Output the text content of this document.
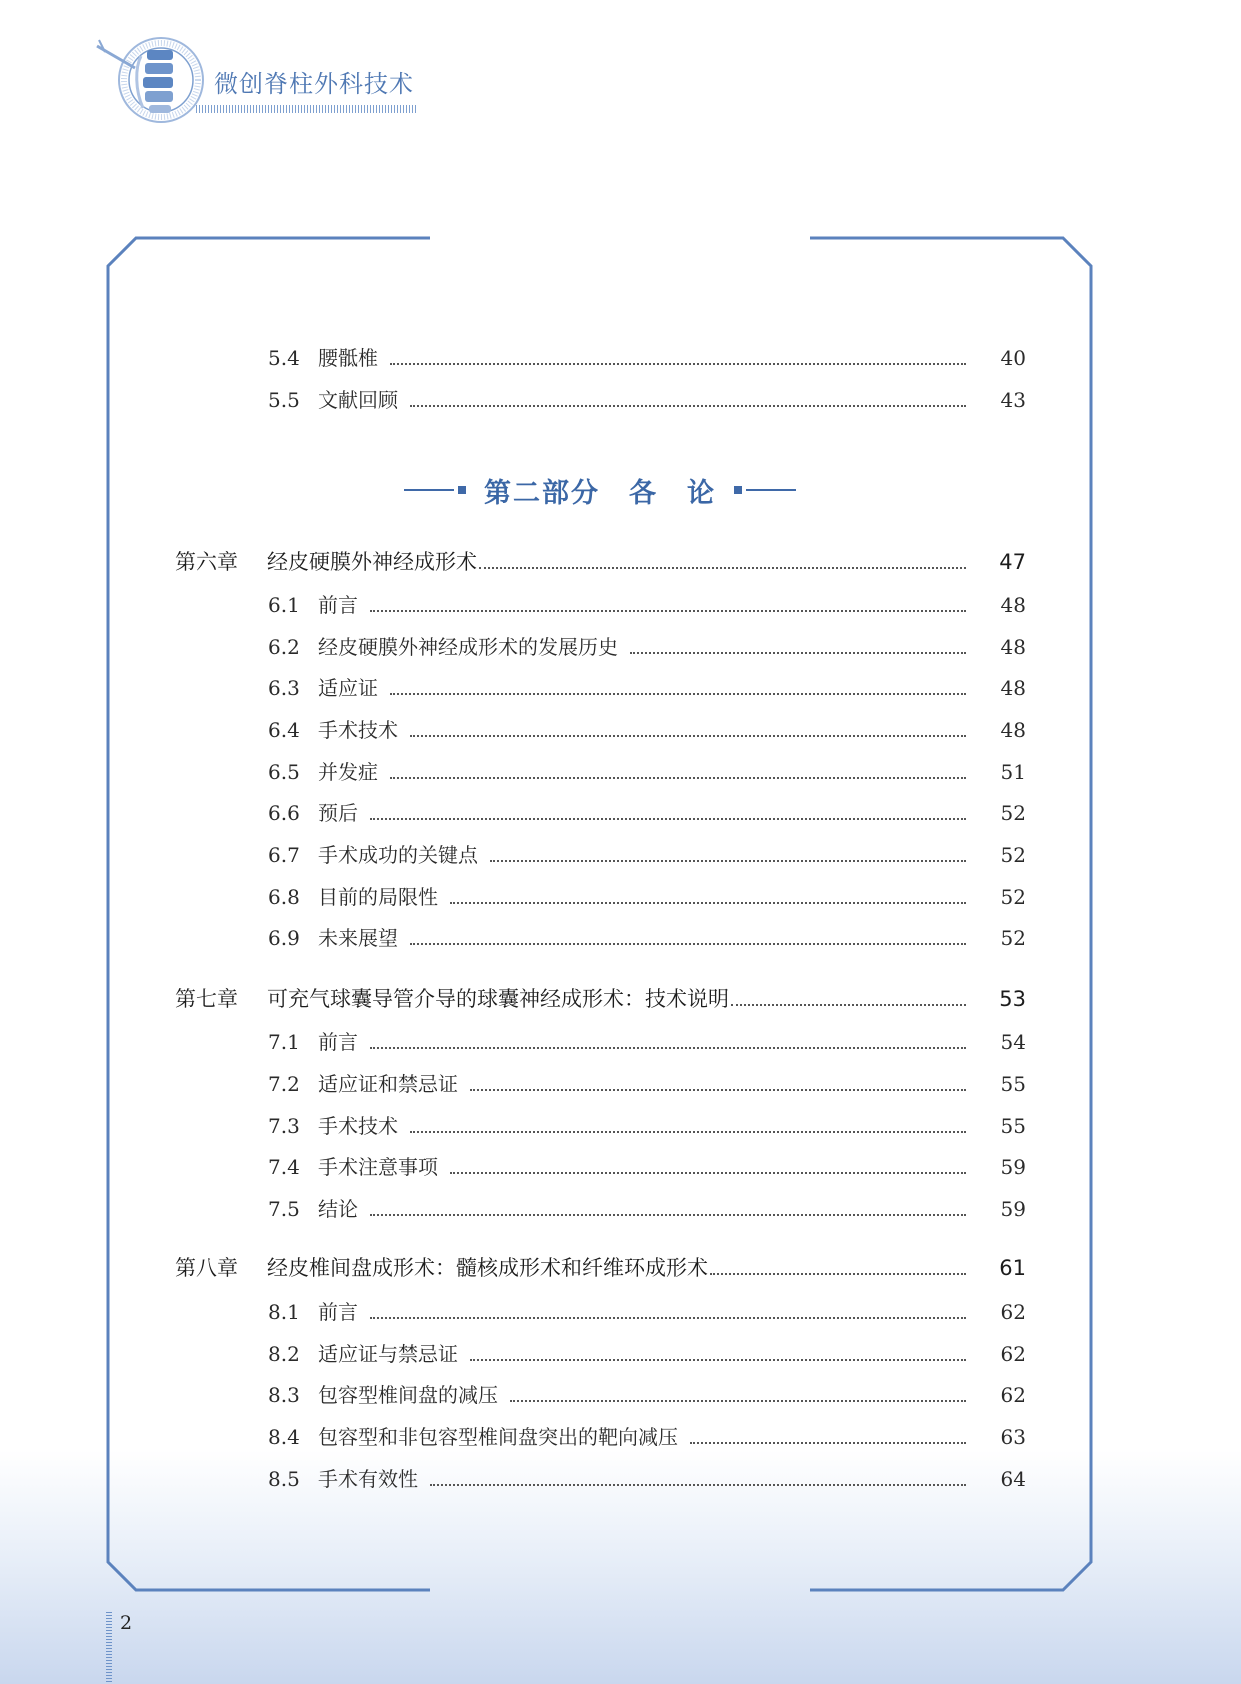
微创脊柱外科技术
5.4 腰骶椎	40
5.5 文献回顾	43
第二部分　各　论
第六章	经皮硬膜外神经成形术	47
6.1 前言	48
6.2 经皮硬膜外神经成形术的发展历史	48
6.3 适应证	48
6.4 手术技术	48
6.5 并发症	51
6.6 预后	52
6.7 手术成功的关键点	52
6.8 目前的局限性	52
6.9 未来展望	52
第七章	可充气球囊导管介导的球囊神经成形术：技术说明	53
7.1 前言	54
7.2 适应证和禁忌证	55
7.3 手术技术	55
7.4 手术注意事项	59
7.5 结论	59
第八章	经皮椎间盘成形术：髓核成形术和纤维环成形术	61
8.1 前言	62
8.2 适应证与禁忌证	62
8.3 包容型椎间盘的减压	62
8.4 包容型和非包容型椎间盘突出的靶向减压	63
8.5 手术有效性	64
2
